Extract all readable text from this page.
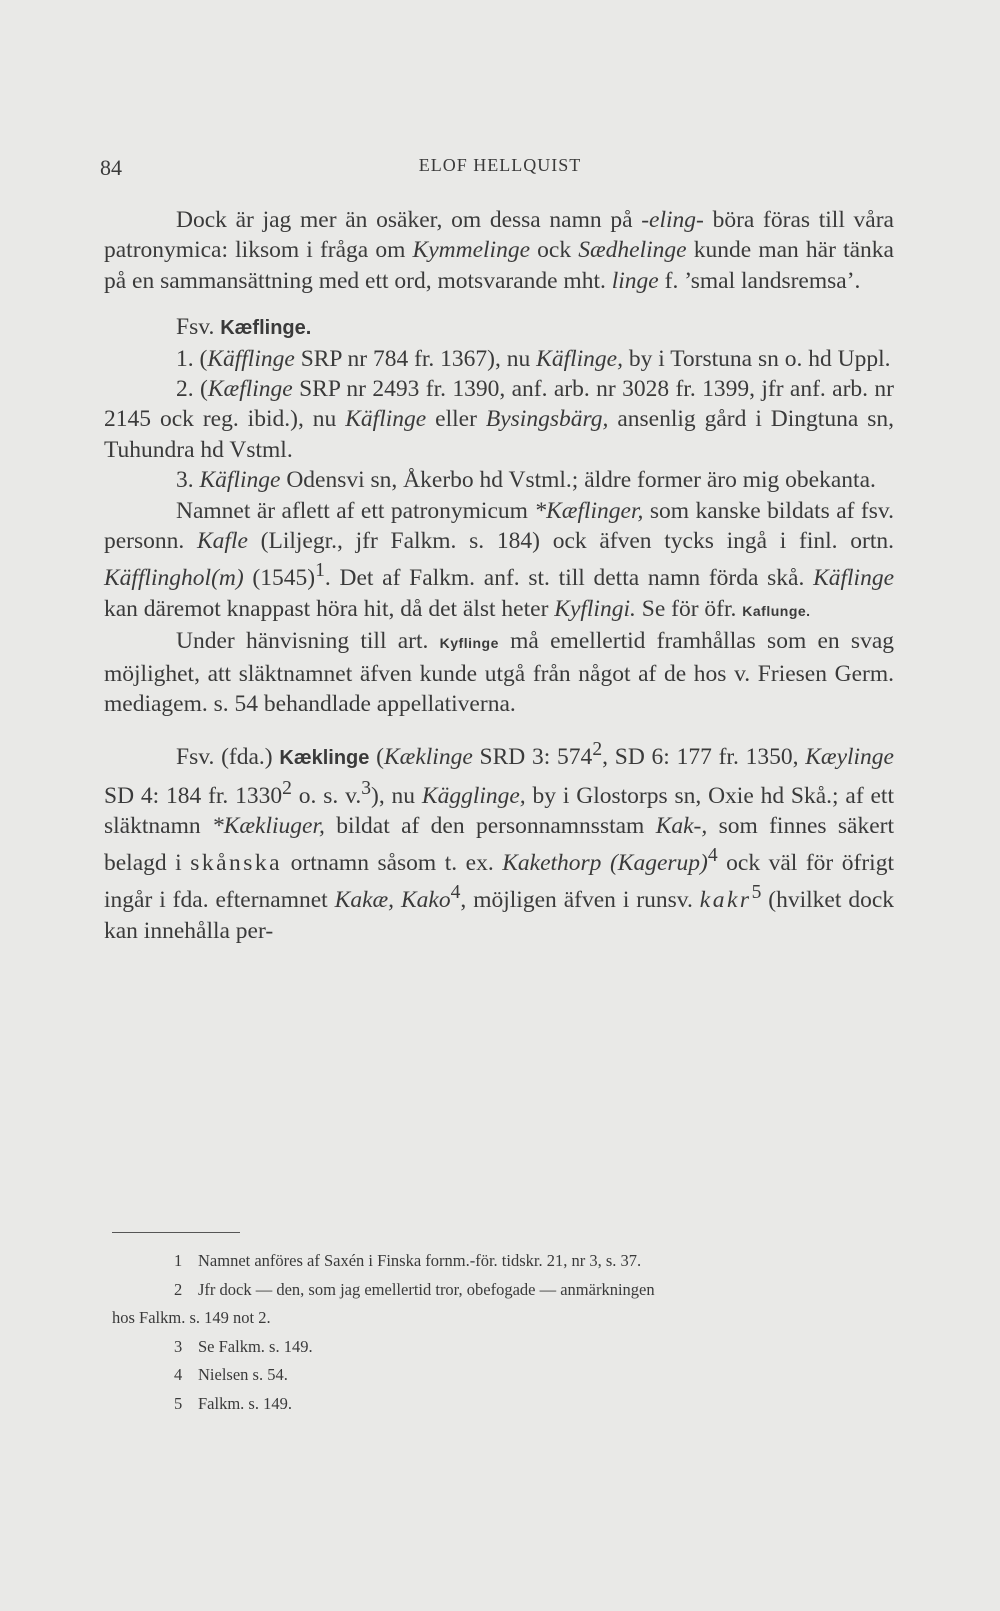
84	ELOF HELLQUIST

Dock är jag mer än osäker, om dessa namn på -eling- böra föras till våra patronymica: liksom i fråga om Kymmelinge ock Sædhelinge kunde man här tänka på en sammansättning med ett ord, motsvarande mht. linge f. ’smal landsremsa’.

Fsv. Kæflinge.

1. (Käfflinge SRP nr 784 fr. 1367), nu Käflinge, by i Torstuna sn o. hd Uppl.

2. (Kæflinge SRP nr 2493 fr. 1390, anf. arb. nr 3028 fr. 1399, jfr anf. arb. nr 2145 ock reg. ibid.), nu Käflinge eller Bysingsbärg, ansenlig gård i Dingtuna sn, Tuhundra hd Vstml.

3. Käflinge Odensvi sn, Åkerbo hd Vstml.; äldre former äro mig obekanta.

Namnet är aflett af ett patronymicum *Kæflinger, som kanske bildats af fsv. personn. Kafle (Liljegr., jfr Falkm. s. 184) ock äfven tycks ingå i finl. ortn. Käfflinghol(m) $(1545)^1$. Det af Falkm. anf. st. till detta namn förda skå. Käflinge kan däremot knappast höra hit, då det älst heter Kyflingi. Se för öfr. Kaflunge.

Under hänvisning till art. Kyflinge må emellertid framhållas som en svag möjlighet, att släktnamnet äfven kunde utgå från något af de hos v. Friesen Germ. mediagem. s. 54 behandlade appellativerna.

Fsv. (fda.) Kæklinge (Kæklinge SRD 3: $574^2$, SD 6: 177 fr. 1350, Kæylinge SD 4: 184 fr. 1330$^2$ o. s. v.$^3$), nu Kägglinge, by i Glostorps sn, Oxie hd Skå.; af ett släktnamn *Kækliuger, bildat af den personnamnsstam Kak-, som finnes säkert belagd i skånska ortnamn såsom t. ex. Kakethorp (Kagerup)$^4$ ock väl för öfrigt ingår i fda. efternamnet Kakæ, Kako$^4$, möjligen äfven i runsv. kakr$^5$ (hvilket dock kan innehålla per-

1 Namnet anföres af Saxén i Finska fornm.-för. tidskr. 21, nr 3, s. 37.
2 Jfr dock — den, som jag emellertid tror, obefogade — anmärkningen

hos Falkm. s. 149 not 2.

3 Se Falkm. s. 149.
4 Nielsen s. 54.
5 Falkm. s. 149.
